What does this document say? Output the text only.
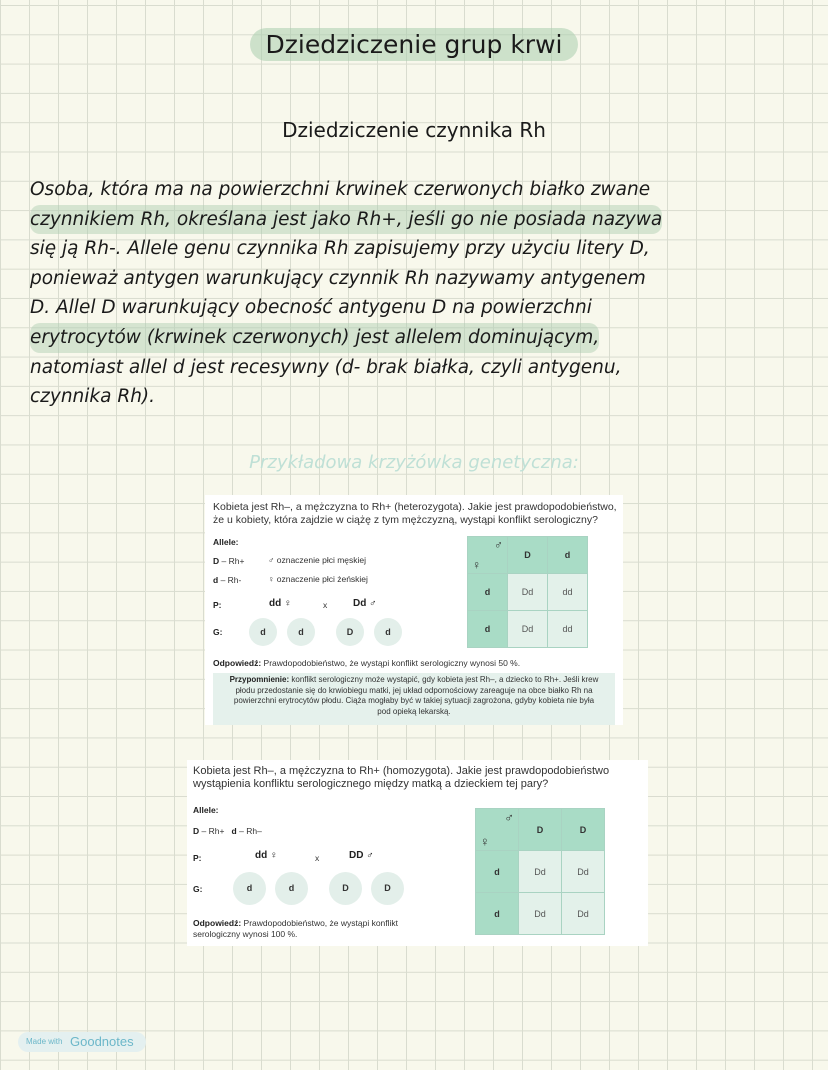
Dziedziczenie grup krwi
Dziedziczenie czynnika Rh
Osoba, która ma na powierzchni krwinek czerwonych białko zwane
czynnikiem Rh, określana jest jako Rh+, jeśli go nie posiada nazywa
się ją Rh-. Allele genu czynnika Rh zapisujemy przy użyciu litery D,
ponieważ antygen warunkujący czynnik Rh nazywamy antygenem
D. Allel D warunkujący obecność antygenu D na powierzchni
erytrocytów (krwinek czerwonych) jest allelem dominującym,
natomiast allel d jest recesywny (d- brak białka, czyli antygenu,
czynnika Rh).
Przykładowa krzyżówka genetyczna:
Kobieta jest Rh–, a mężczyzna to Rh+ (heterozygota). Jakie jest prawdopodobieństwo, że u kobiety, która zajdzie w ciążę z tym mężczyzną, wystąpi konflikt serologiczny?
Allele:
D – Rh+	♂ oznaczenie płci męskiej
d – Rh-	♀ oznaczenie płci żeńskiej
P:	dd ♀	x	Dd ♂
G:	d	d	D	d
♂
♀	D	d
d	Dd	dd
d	Dd	dd
Odpowiedź: Prawdopodobieństwo, że wystąpi konflikt serologiczny wynosi 50 %.
Przypomnienie: konflikt serologiczny może wystąpić, gdy kobieta jest Rh–, a dziecko to Rh+. Jeśli krew płodu przedostanie się do krwiobiegu matki, jej układ odpornościowy zareaguje na obce białko Rh na powierzchni erytrocytów płodu. Ciąża mogłaby być w takiej sytuacji zagrożona, gdyby kobieta nie była pod opieką lekarską.
Kobieta jest Rh–, a mężczyzna to Rh+ (homozygota). Jakie jest prawdopodobieństwo wystąpienia konfliktu serologicznego między matką a dzieckiem tej pary?
Allele:
D – Rh+ d – Rh–
P:	dd ♀	x	DD ♂
G:	d	d	D	D
♂
♀	D	D
d	Dd	Dd
d	Dd	Dd
Odpowiedź: Prawdopodobieństwo, że wystąpi konflikt serologiczny wynosi 100 %.
Made with Goodnotes
